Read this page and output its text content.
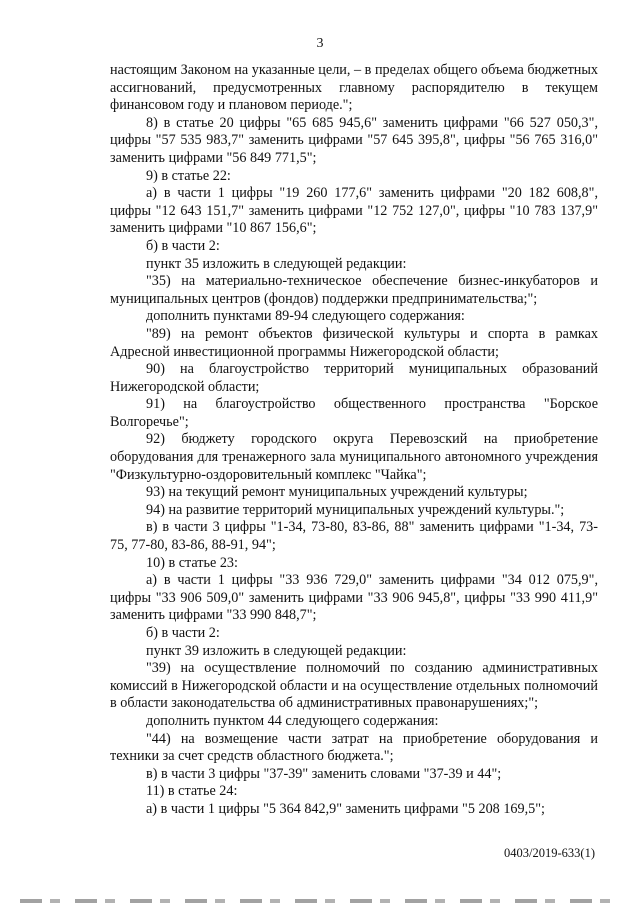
3

настоящим Законом на указанные цели, – в пределах общего объема бюджетных ассигнований, предусмотренных главному распорядителю в текущем финансовом году и плановом периоде.";

8) в статье 20 цифры "65 685 945,6" заменить цифрами "66 527 050,3", цифры "57 535 983,7" заменить цифрами "57 645 395,8", цифры "56 765 316,0" заменить цифрами "56 849 771,5";

9) в статье 22:

а) в части 1 цифры "19 260 177,6" заменить цифрами "20 182 608,8", цифры "12 643 151,7" заменить цифрами "12 752 127,0", цифры "10 783 137,9" заменить цифрами "10 867 156,6";

б) в части 2:

пункт 35 изложить в следующей редакции:

"35) на материально-техническое обеспечение бизнес-инкубаторов и муниципальных центров (фондов) поддержки предпринимательства;";

дополнить пунктами 89-94 следующего содержания:

"89) на ремонт объектов физической культуры и спорта в рамках Адресной инвестиционной программы Нижегородской области;

90) на благоустройство территорий муниципальных образований Нижегородской области;

91) на благоустройство общественного пространства "Борское Волгоречье";

92) бюджету городского округа Перевозский на приобретение оборудования для тренажерного зала муниципального автономного учреждения "Физкультурно-оздоровительный комплекс "Чайка";

93) на текущий ремонт муниципальных учреждений культуры;

94) на развитие территорий муниципальных учреждений культуры.";

в) в части 3 цифры "1-34, 73-80, 83-86, 88" заменить цифрами "1-34, 73-75, 77-80, 83-86, 88-91, 94";

10) в статье 23:

а) в части 1 цифры "33 936 729,0" заменить цифрами "34 012 075,9", цифры "33 906 509,0" заменить цифрами "33 906 945,8", цифры "33 990 411,9" заменить цифрами "33 990 848,7";

б) в части 2:

пункт 39 изложить в следующей редакции:

"39) на осуществление полномочий по созданию административных комиссий в Нижегородской области и на осуществление отдельных полномочий в области законодательства об административных правонарушениях;";

дополнить пунктом 44 следующего содержания:

"44) на возмещение части затрат на приобретение оборудования и техники за счет средств областного бюджета.";

в) в части 3 цифры "37-39" заменить словами "37-39 и 44";

11) в статье 24:

а) в части 1 цифры "5 364 842,9" заменить цифрами "5 208 169,5";

0403/2019-633(1)
